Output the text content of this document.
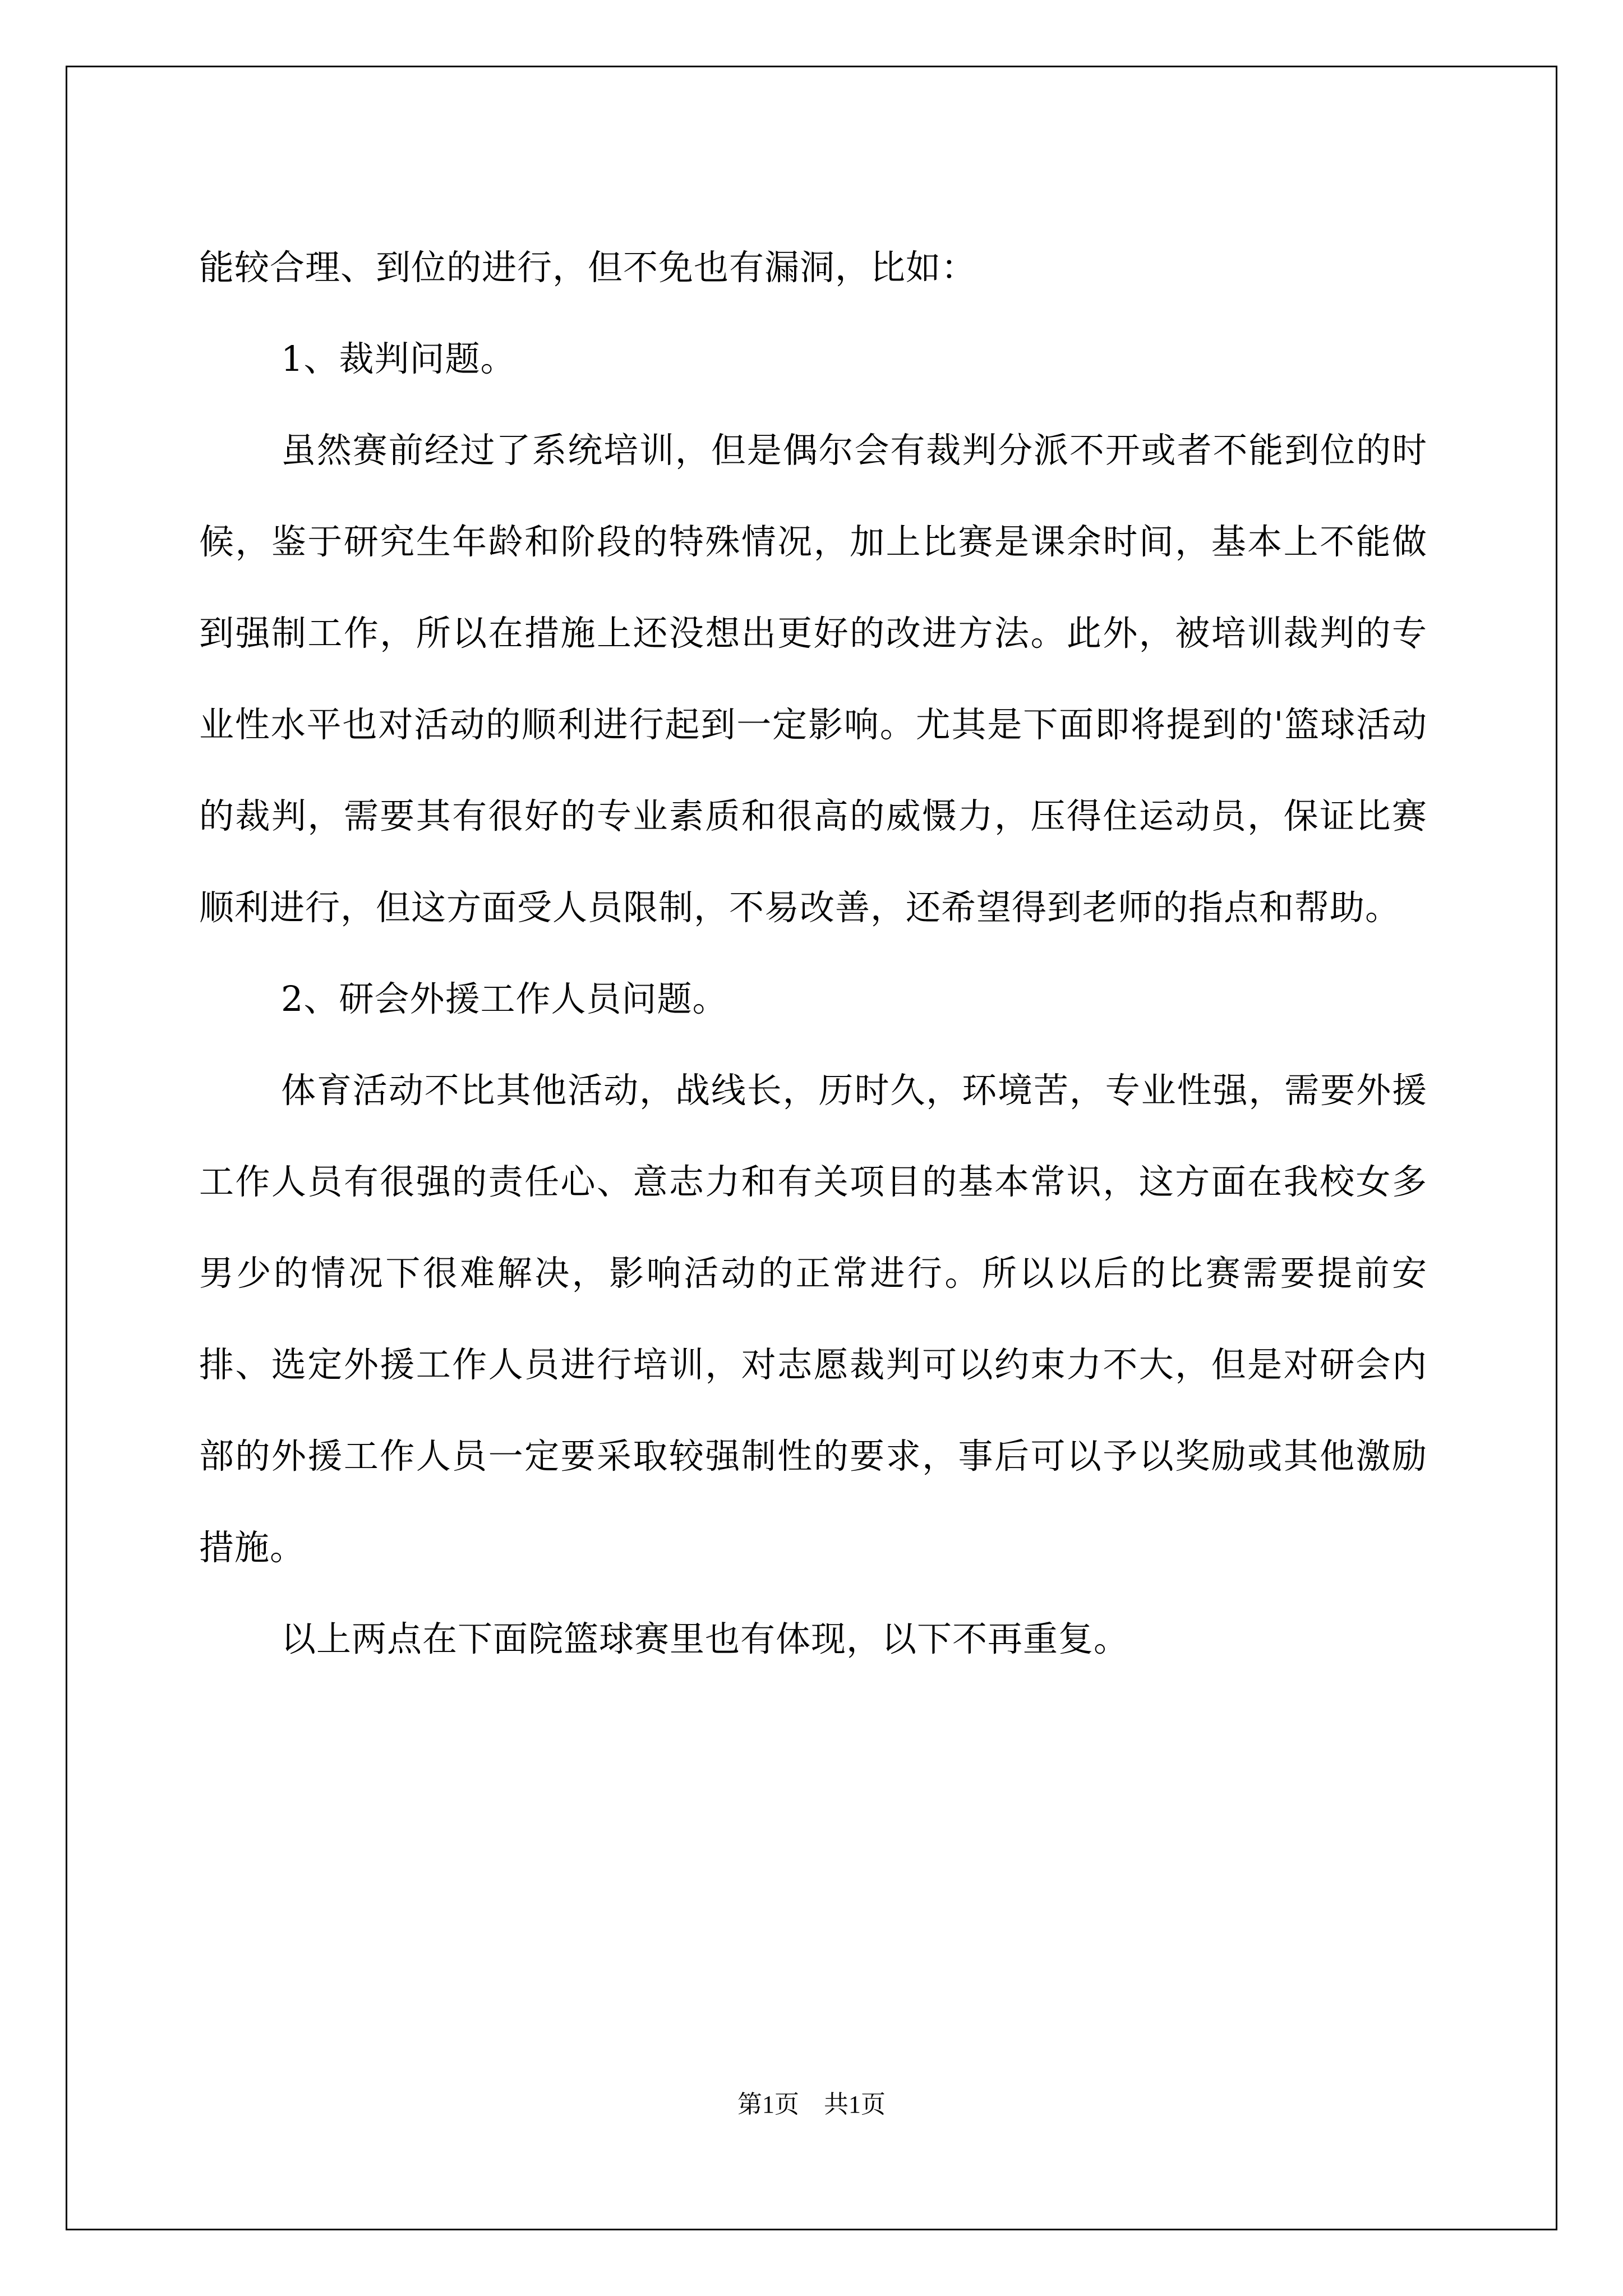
能较合理、到位的进行，但不免也有漏洞，比如：

1、裁判问题。

虽然赛前经过了系统培训，但是偶尔会有裁判分派不开或者不能到位的时候，鉴于研究生年龄和阶段的特殊情况，加上比赛是课余时间，基本上不能做到强制工作，所以在措施上还没想出更好的改进方法。此外，被培训裁判的专业性水平也对活动的顺利进行起到一定影响。尤其是下面即将提到的'篮球活动的裁判，需要其有很好的专业素质和很高的威慑力，压得住运动员，保证比赛顺利进行，但这方面受人员限制，不易改善，还希望得到老师的指点和帮助。

2、研会外援工作人员问题。

体育活动不比其他活动，战线长，历时久，环境苦，专业性强，需要外援工作人员有很强的责任心、意志力和有关项目的基本常识，这方面在我校女多男少的情况下很难解决，影响活动的正常进行。所以以后的比赛需要提前安排、选定外援工作人员进行培训，对志愿裁判可以约束力不大，但是对研会内部的外援工作人员一定要采取较强制性的要求，事后可以予以奖励或其他激励措施。

以上两点在下面院篮球赛里也有体现，以下不再重复。

第1页　共1页
